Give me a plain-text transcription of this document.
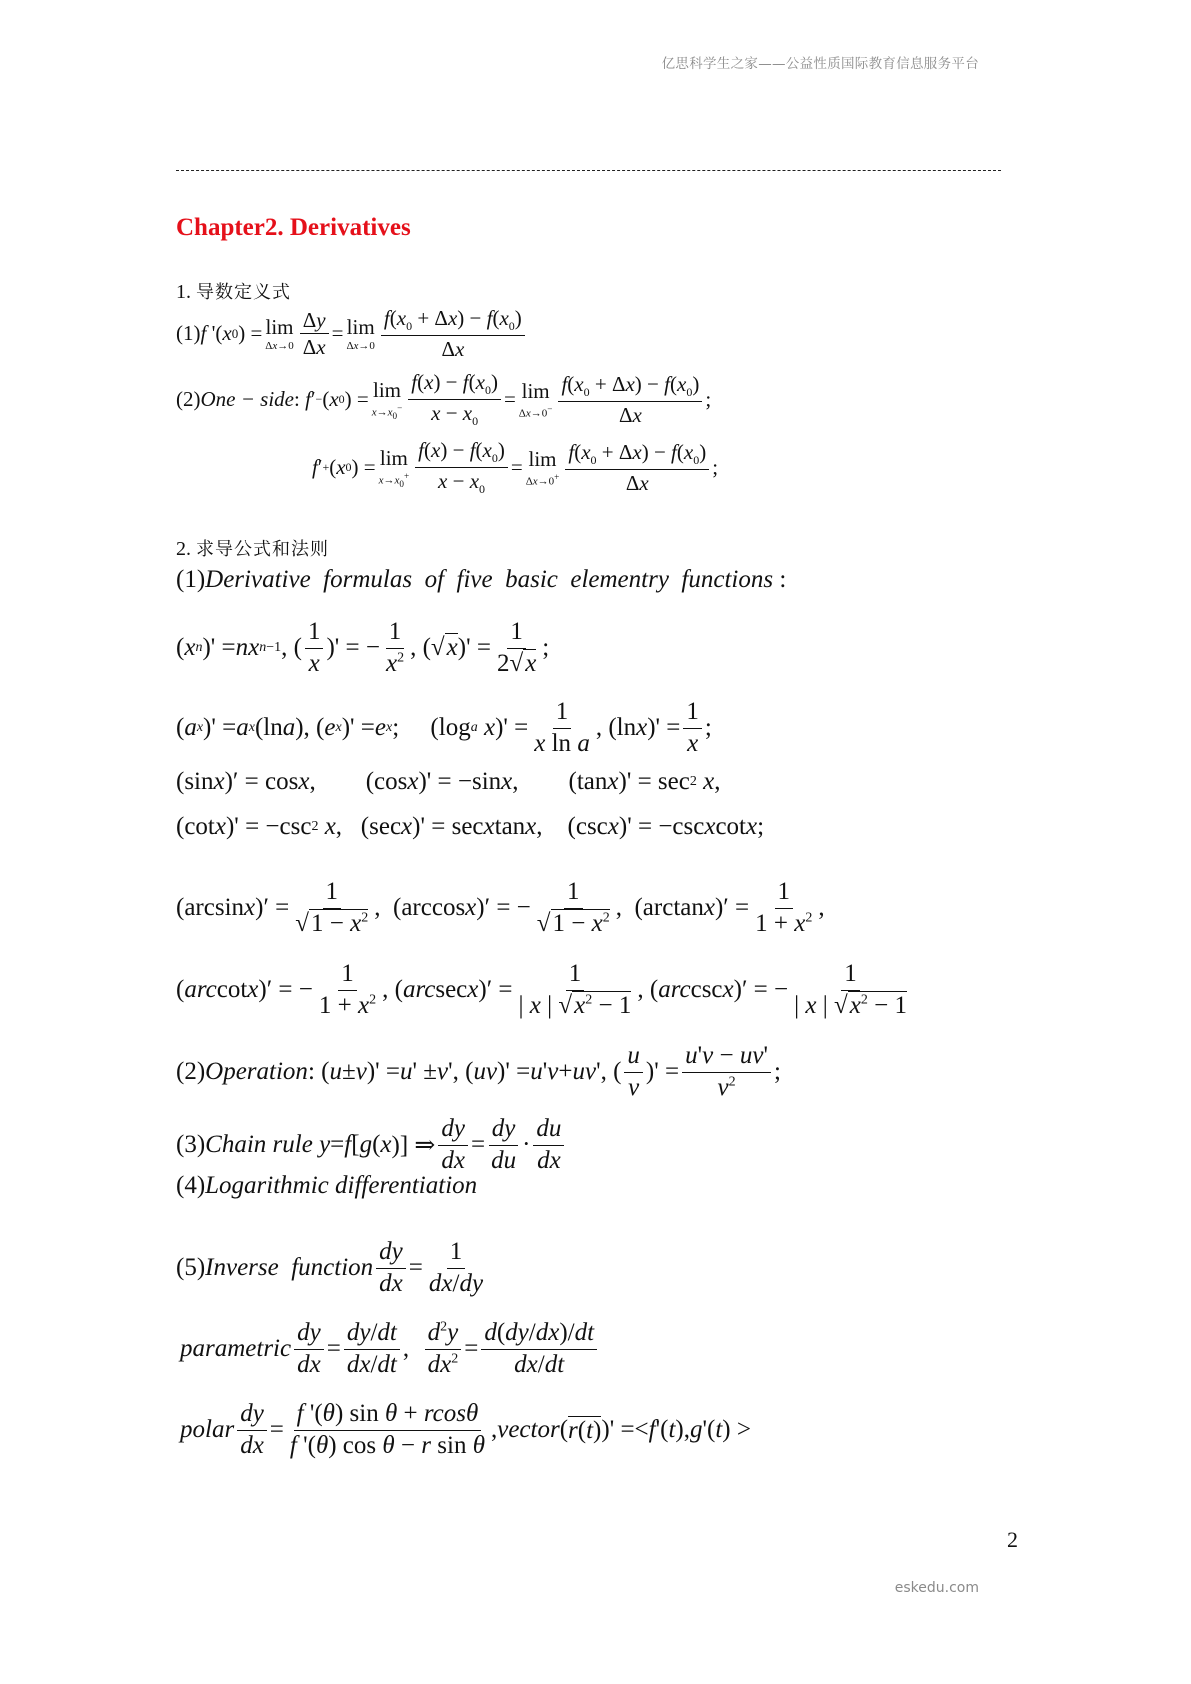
亿思科学生之家——公益性质国际教育信息服务平台
Chapter2. Derivatives
1. 导数定义式
(1) f '( x 0 ) = lim
$\Delta x\to 0 \frac{\Delta y}{\Delta x} = \lim$
$\Delta x\to 0 \frac{f(x_0 + \Delta x) - f(x_0)}{\Delta x}$
(2) One − side : f ′ − ( x 0 ) = lim
$x\to x_0^- \frac{f(x) - f(x_0)}{x - x_0} = \lim$
$\Delta x\to 0^- \frac{f(x_0 + \Delta x) - f(x_0)}{\Delta x}$ ;
f ′ + ( x 0 ) = lim
$x\to x_0^+ \frac{f(x) - f(x_0)}{x - x_0} = \lim$
$\Delta x\to 0^+ \frac{f(x_0 + \Delta x) - f(x_0)}{\Delta x}$ ;
2. 求导公式和法则
(1) Derivative  formulas  of  five  basic  elementry  functions :
( x n )' = nx n−1 , ( $\frac{1}{x}$ )' = − $\frac{1}{x^2}$ , $(√x)' = \frac{1}{2√x}$ ;
( a x )' = a x (ln a ), ( e x )' = e x ;     (log a
x )' = $\frac{1}{\text{x ln a}}$ , (ln x )' = $\frac{1}{x}$ ;
(sin x )′ = cos x , (cos x )' = −sin x , (tan x )' = sec 2
x ,
(cot x )' = −csc 2
x ,   (sec x )' = sec x tan x ,    (csc x )' = −csc x cot x ;
(arcsin x )′ = $\frac{1}{√1 - x^2}$ ,  (arccos x )′ = − $\frac{1}{√1 - x^2}$ ,  (arctan x )′ = $\frac{1}{1 + x^2}$ ,
( arc cot x )′ = − $\frac{1}{1 + x^2}$ , ( arc sec x )′ = $\frac{1}{| x | √x^2 - 1}$ , ( arc csc x )′ = − $\frac{1}{| x | √x^2 - 1}$
(2) Operation : ( u ± v )' = u ' ± v ', ( uv )' = u ' v + uv ', ( $\frac{u}{v}$ )' = $\frac{u'v - uv'}{v^2}$ ;
(3) Chain rule
y = f [ g ( x )] ⇒ $\frac{dy}{dx} = \frac{dy}{du} \cdot \frac{du}{dx}$
(4) Logarithmic differentiation
(5) Inverse  function $\frac{dy}{dx} = \frac{1}{dx/dy}$
parametric $\frac{dy}{dx} = \frac{dy/dt}{dx/dt}$ , $\frac{d^2y}{dx^2} = \frac{d(dy/dx)/dt}{dx/dt}$
polar $\frac{dy}{dx} = \frac{\text{f '(θ) sin θ + rcosθ}}{\text{f '(θ) cos θ − r sin θ}}$ , vector ( r(t) )' =< f '( t ), g '( t ) >
2
eskedu.com
